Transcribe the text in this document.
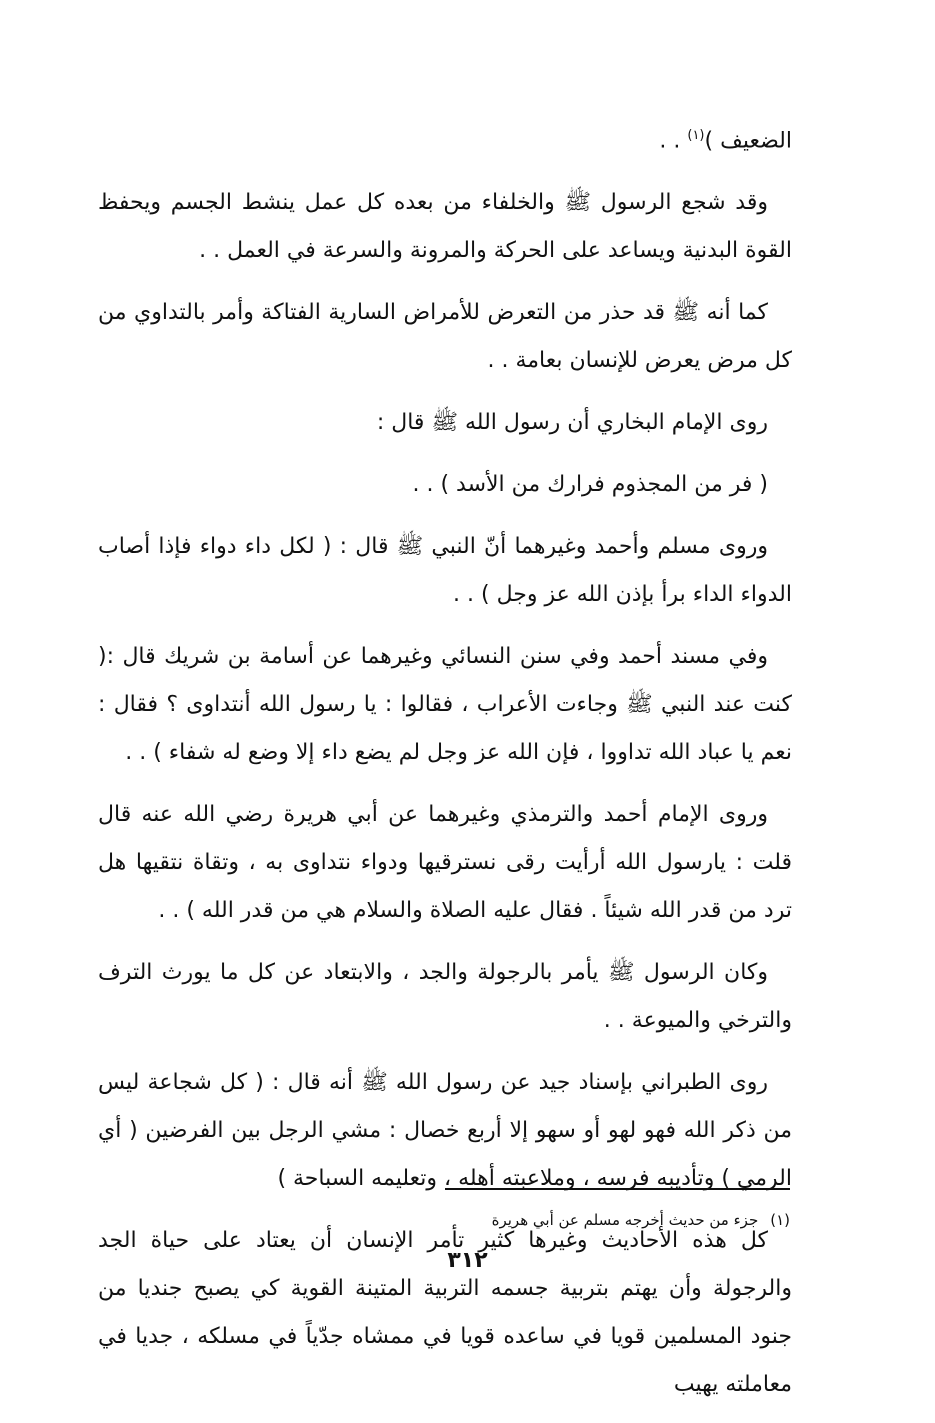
الضعيف )$^{(١)}$ . .

وقد شجع الرسول ﷺ والخلفاء من بعده كل عمل ينشط الجسم ويحفظ القوة البدنية ويساعد على الحركة والمرونة والسرعة في العمل . .

كما أنه ﷺ قد حذر من التعرض للأمراض السارية الفتاكة وأمر بالتداوي من كل مرض يعرض للإنسان بعامة . .

روى الإمام البخاري أن رسول الله ﷺ قال :

( فر من المجذوم فرارك من الأسد ) . .

وروى مسلم وأحمد وغيرهما أنّ النبي ﷺ قال : ( لكل داء دواء فإذا أصاب الدواء الداء برأ بإذن الله عز وجل ) . .

وفي مسند أحمد وفي سنن النسائي وغيرهما عن أسامة بن شريك قال :( كنت عند النبي ﷺ وجاءت الأعراب ، فقالوا : يا رسول الله أنتداوى ؟ فقال : نعم يا عباد الله تداووا ، فإن الله عز وجل لم يضع داء إلا وضع له شفاء ) . .

وروى الإمام أحمد والترمذي وغيرهما عن أبي هريرة رضي الله عنه قال قلت : يارسول الله أرأيت رقى نسترقيها ودواء نتداوى به ، وتقاة نتقيها هل ترد من قدر الله شيئاً . فقال عليه الصلاة والسلام هي من قدر الله ) . .

وكان الرسول ﷺ يأمر بالرجولة والجد ، والابتعاد عن كل ما يورث الترف والترخي والميوعة . .

روى الطبراني بإسناد جيد عن رسول الله ﷺ أنه قال : ( كل شجاعة ليس من ذكر الله فهو لهو أو سهو إلا أربع خصال : مشي الرجل بين الفرضين ( أي الرمي ) وتأديبه فرسه ، وملاعبته أهله ، وتعليمه السباحة )

كل هذه الأحاديث وغيرها كثير تأمر الإنسان أن يعتاد على حياة الجد والرجولة وأن يهتم بتربية جسمه التربية المتينة القوية كي يصبح جنديا من جنود المسلمين قويا في ساعده قويا في ممشاه جدّياً في مسلكه ، جديا في معاملته يهيب

(١)جزء من حديث أخرجه مسلم عن أبي هريرة
٣١٢
